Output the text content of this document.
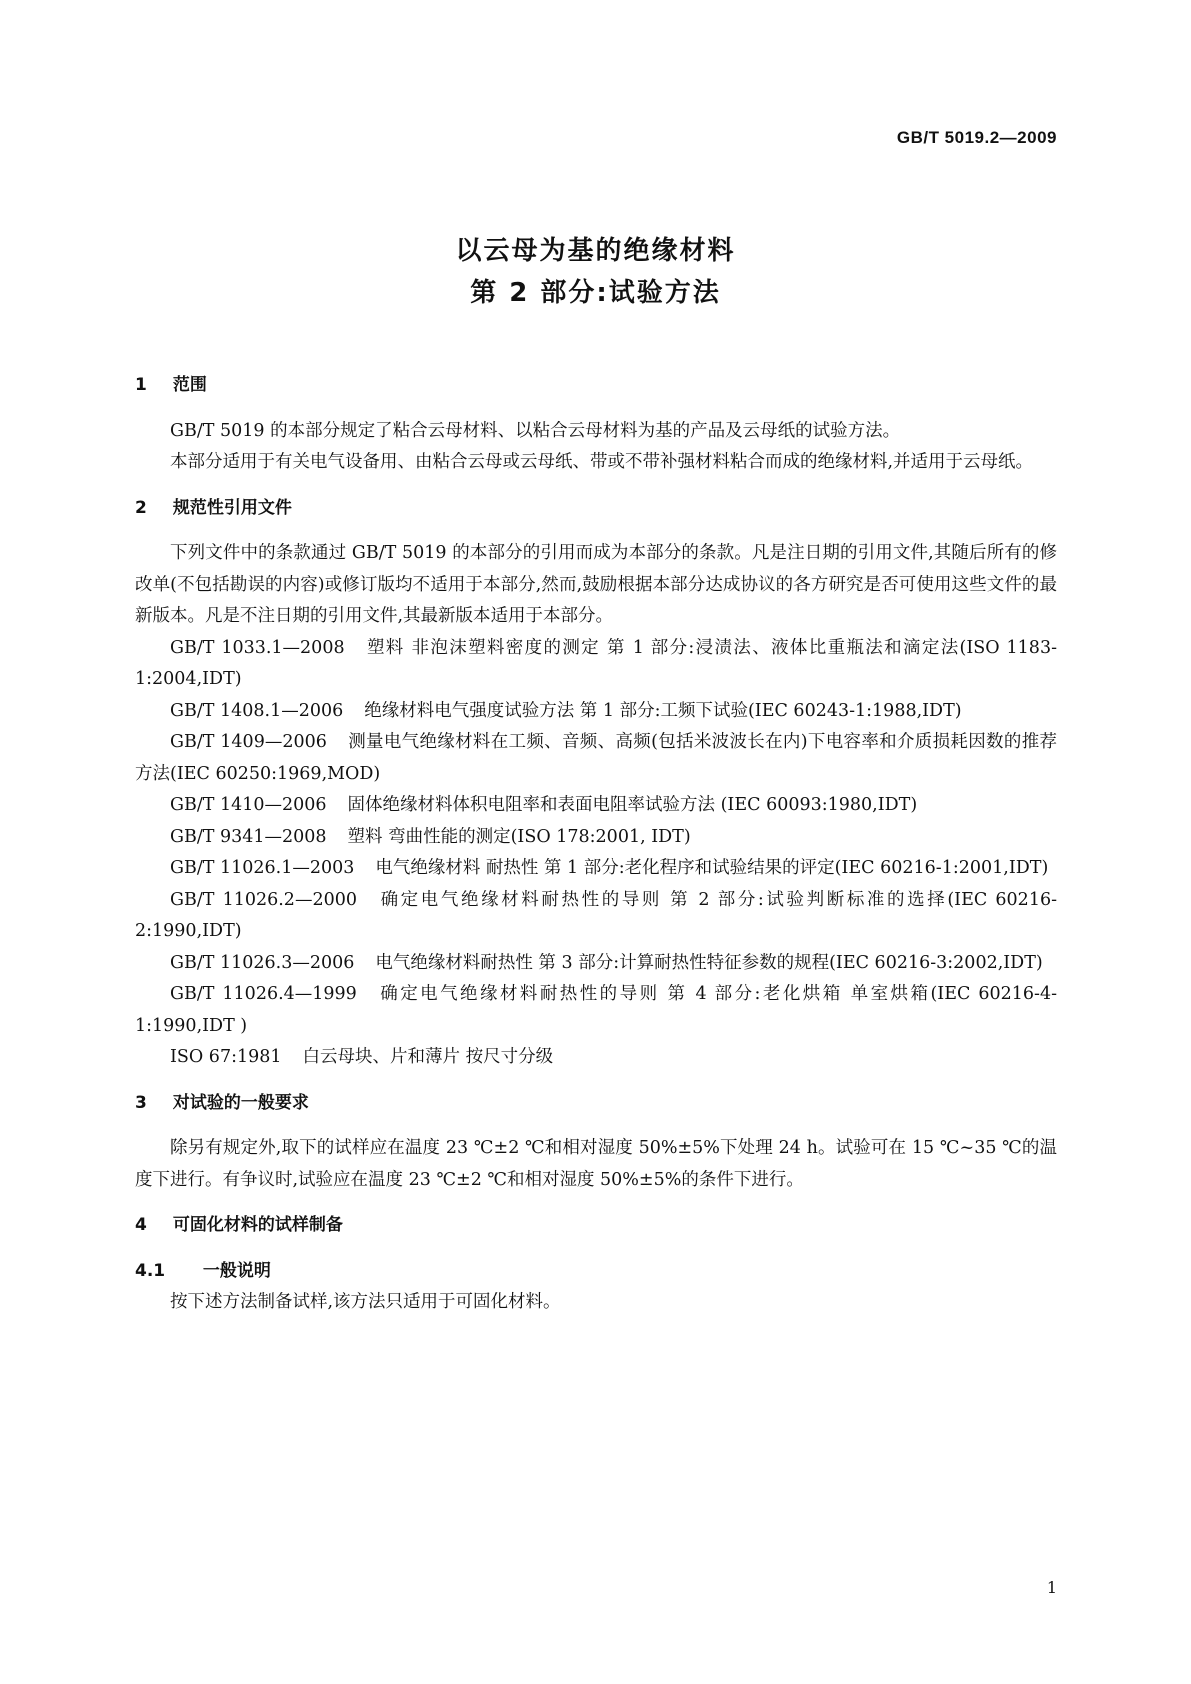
GB/T 5019.2—2009
以云母为基的绝缘材料
第 2 部分:试验方法
1 范围

GB/T 5019 的本部分规定了粘合云母材料、以粘合云母材料为基的产品及云母纸的试验方法。

本部分适用于有关电气设备用、由粘合云母或云母纸、带或不带补强材料粘合而成的绝缘材料,并适用于云母纸。

2 规范性引用文件

下列文件中的条款通过 GB/T 5019 的本部分的引用而成为本部分的条款。凡是注日期的引用文件,其随后所有的修改单(不包括勘误的内容)或修订版均不适用于本部分,然而,鼓励根据本部分达成协议的各方研究是否可使用这些文件的最新版本。凡是不注日期的引用文件,其最新版本适用于本部分。

GB/T 1033.1—2008 塑料 非泡沫塑料密度的测定 第 1 部分:浸渍法、液体比重瓶法和滴定法(ISO 1183-1:2004,IDT)

GB/T 1408.1—2006 绝缘材料电气强度试验方法 第 1 部分:工频下试验(IEC 60243-1:1988,IDT)

GB/T 1409—2006 测量电气绝缘材料在工频、音频、高频(包括米波波长在内)下电容率和介质损耗因数的推荐方法(IEC 60250:1969,MOD)

GB/T 1410—2006 固体绝缘材料体积电阻率和表面电阻率试验方法 (IEC 60093:1980,IDT)

GB/T 9341—2008 塑料 弯曲性能的测定(ISO 178:2001, IDT)

GB/T 11026.1—2003 电气绝缘材料 耐热性 第 1 部分:老化程序和试验结果的评定(IEC 60216-1:2001,IDT)

GB/T 11026.2—2000 确定电气绝缘材料耐热性的导则 第 2 部分:试验判断标准的选择(IEC 60216-2:1990,IDT)

GB/T 11026.3—2006 电气绝缘材料耐热性 第 3 部分:计算耐热性特征参数的规程(IEC 60216-3:2002,IDT)

GB/T 11026.4—1999 确定电气绝缘材料耐热性的导则 第 4 部分:老化烘箱 单室烘箱(IEC 60216-4-1:1990,IDT )

ISO 67:1981 白云母块、片和薄片 按尺寸分级

3 对试验的一般要求

除另有规定外,取下的试样应在温度 23 ℃±2 ℃和相对湿度 50%±5%下处理 24 h。试验可在 15 ℃~35 ℃的温度下进行。有争议时,试验应在温度 23 ℃±2 ℃和相对湿度 50%±5%的条件下进行。

4 可固化材料的试样制备
4.1 一般说明

按下述方法制备试样,该方法只适用于可固化材料。

1
